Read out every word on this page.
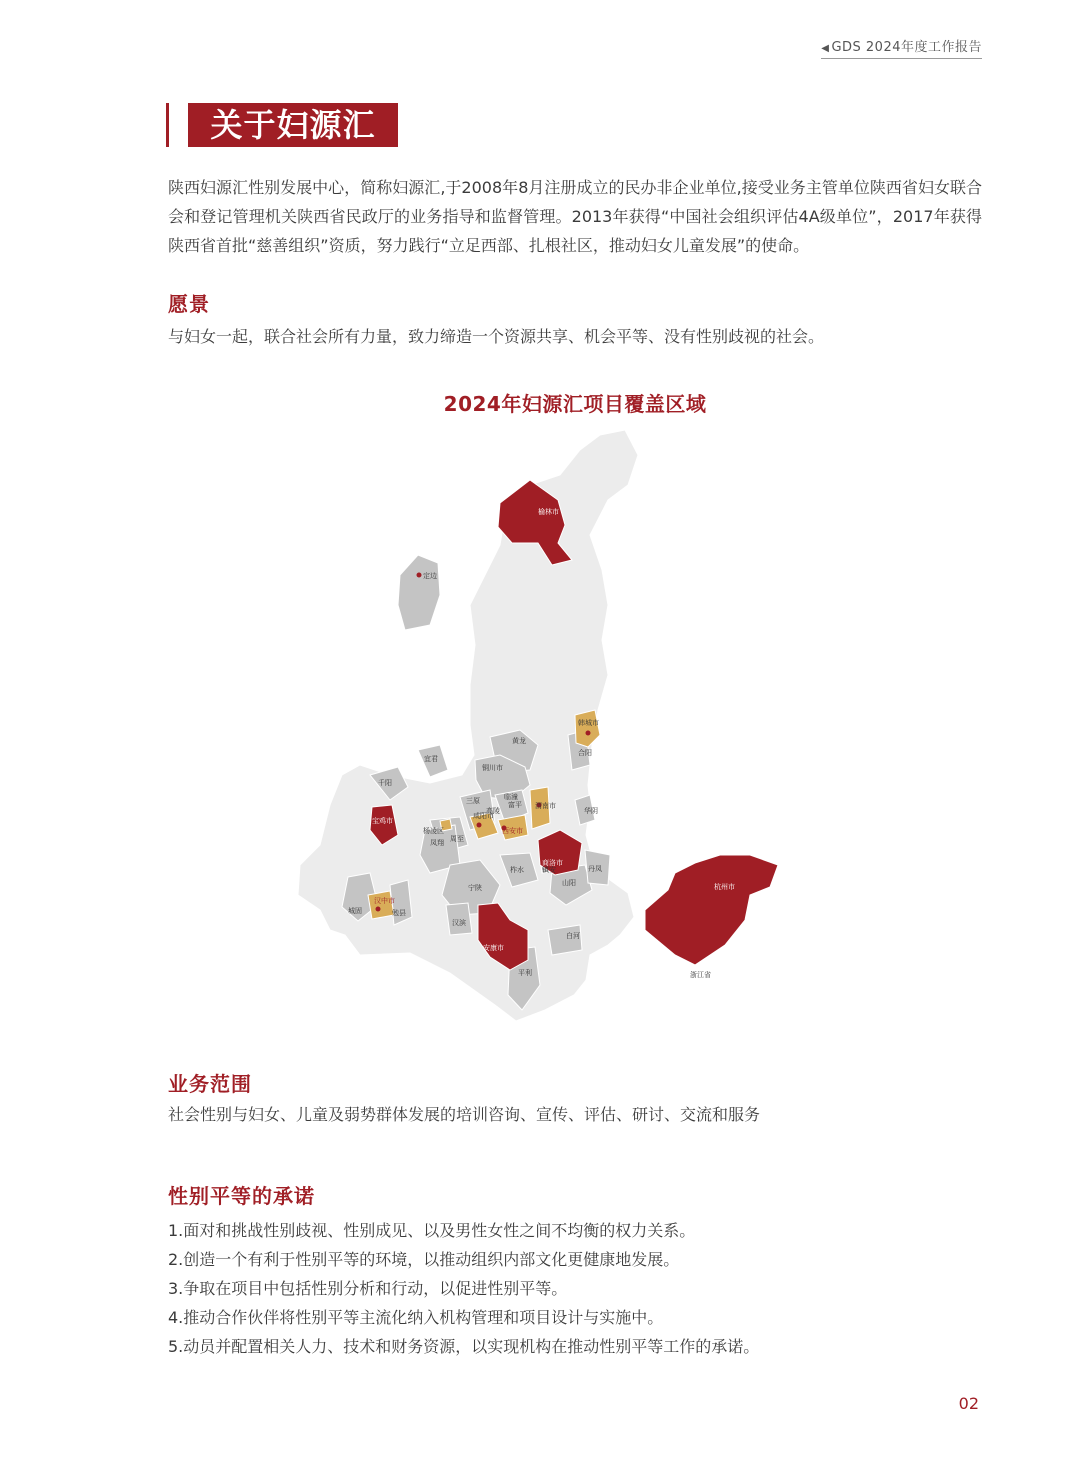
◀ GDS 2024年度工作报告
关于妇源汇
陕西妇源汇性别发展中心，简称妇源汇,于2008年8月注册成立的民办非企业单位,接受业务主管单位陕西省妇女联合会和登记管理机关陕西省民政厅的业务指导和监督管理。2013年获得“中国社会组织评估4A级单位”，2017年获得陕西省首批“慈善组织”资质，努力践行“立足西部、扎根社区，推动妇女儿童发展”的使命。
愿景
与妇女一起，联合社会所有力量，致力缔造一个资源共享、机会平等、没有性别歧视的社会。
2024年妇源汇项目覆盖区域
榆林市
定边
韩城市
合阳
黄龙
宜君
铜川市
富平
宝鸡市
咸阳市
西安市
渭南市
汉中市
安康市
商洛市
杭州市
浙江省
凤翔 周至
宁陕
柞水	丹凤
山阳
白河
平利
城固	勉县
汉滨
华阴
千阳
三原
高陵
临潼
杨凌区
镇安
业务范围
社会性别与妇女、儿童及弱势群体发展的培训咨询、宣传、评估、研讨、交流和服务
性别平等的承诺
1.面对和挑战性别歧视、性别成见、以及男性女性之间不均衡的权力关系。
2.创造一个有利于性别平等的环境，以推动组织内部文化更健康地发展。
3.争取在项目中包括性别分析和行动，以促进性别平等。
4.推动合作伙伴将性别平等主流化纳入机构管理和项目设计与实施中。
5.动员并配置相关人力、技术和财务资源，以实现机构在推动性别平等工作的承诺。
02
